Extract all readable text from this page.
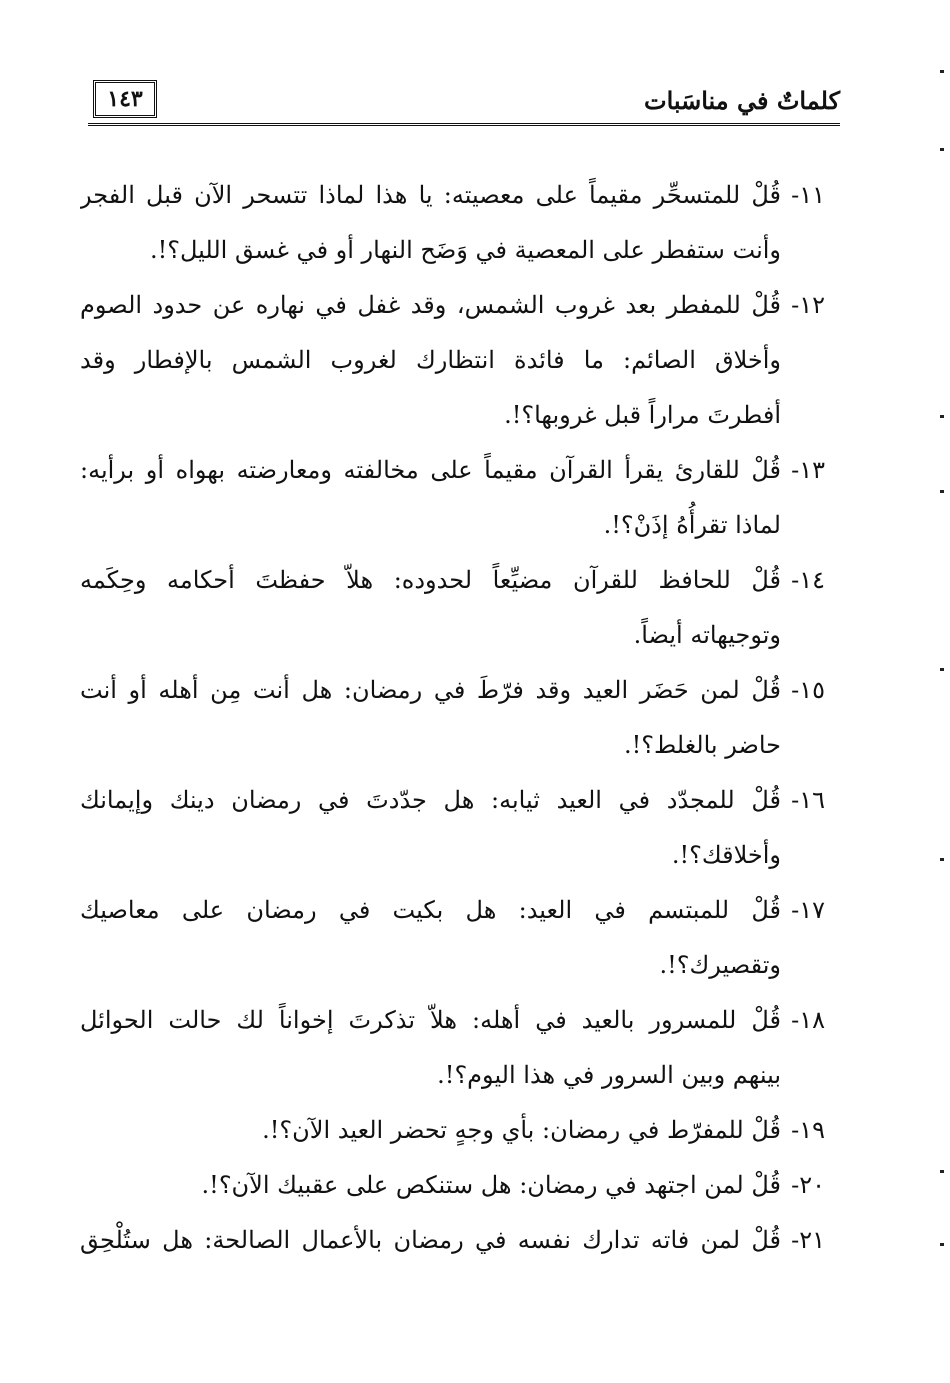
١٤٣	كلماتٌ في مناسَبات

١١-قُلْ للمتسحِّر مقيماً على معصيته: يا هذا لماذا تتسحر الآن قبل الفجر
وأنت ستفطر على المعصية في وَضَح النهار أو في غسق الليل؟!.

١٢-قُلْ للمفطر بعد غروب الشمس، وقد غفل في نهاره عن حدود الصوم
وأخلاق الصائم: ما فائدة انتظارك لغروب الشمس بالإفطار وقد
أفطرتَ مراراً قبل غروبها؟!.

١٣-قُلْ للقارئ يقرأ القرآن مقيماً على مخالفته ومعارضته بهواه أو برأيه:
لماذا تقرأُهُ إذَنْ؟!.

١٤-قُلْ للحافظ للقرآن مضيِّعاً لحدوده: هلاّ حفظتَ أحكامه وحِكَمه
وتوجيهاته أيضاً.

١٥-قُلْ لمن حَضَر العيد وقد فرّطَ في رمضان: هل أنت مِن أهله أو أنت
حاضر بالغلط؟!.

١٦-قُلْ للمجدّد في العيد ثيابه: هل جدّدتَ في رمضان دينك وإيمانك
وأخلاقك؟!.

١٧-قُلْ للمبتسم في العيد: هل بكيت في رمضان على معاصيك
وتقصيرك؟!.

١٨-قُلْ للمسرور بالعيد في أهله: هلاّ تذكرتَ إخواناً لك حالت الحوائل
بينهم وبين السرور في هذا اليوم؟!.

١٩-قُلْ للمفرّط في رمضان: بأي وجهٍ تحضر العيد الآن؟!.

٢٠-قُلْ لمن اجتهد في رمضان: هل ستنكص على عقبيك الآن؟!.

٢١-قُلْ لمن فاته تدارك نفسه في رمضان بالأعمال الصالحة: هل ستُلْحِق
